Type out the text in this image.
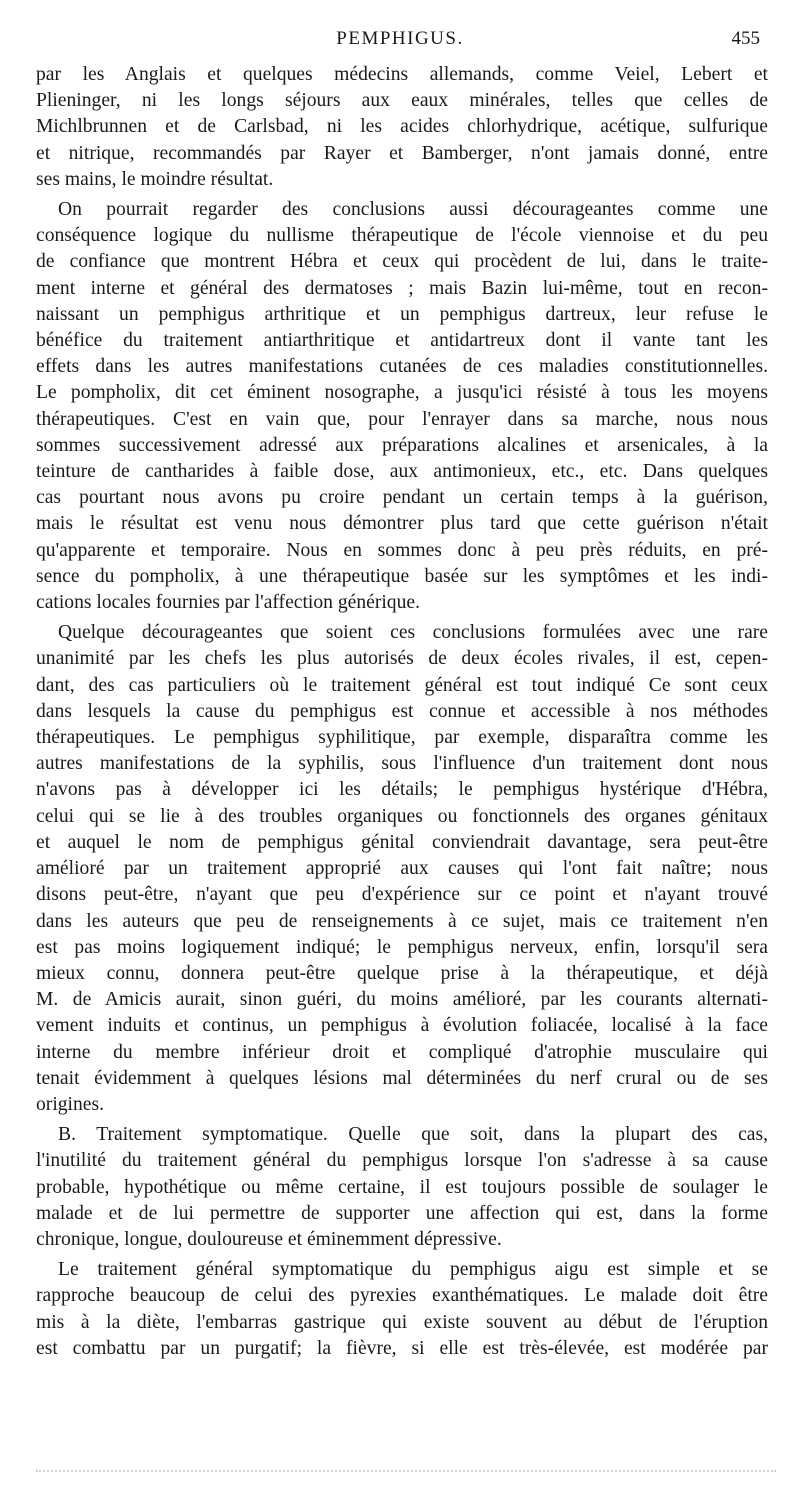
PEMPHIGUS.	455

par les Anglais et quelques médecins allemands, comme Veiel, Lebert et
Plieninger, ni les longs séjours aux eaux minérales, telles que celles de
Michlbrunnen et de Carlsbad, ni les acides chlorhydrique, acétique, sulfurique
et nitrique, recommandés par Rayer et Bamberger, n'ont jamais donné, entre
ses mains, le moindre résultat.

On pourrait regarder des conclusions aussi décourageantes comme une
conséquence logique du nullisme thérapeutique de l'école viennoise et du peu
de confiance que montrent Hébra et ceux qui procèdent de lui, dans le traite-
ment interne et général des dermatoses ; mais Bazin lui-même, tout en recon-
naissant un pemphigus arthritique et un pemphigus dartreux, leur refuse le
bénéfice du traitement antiarthritique et antidartreux dont il vante tant les
effets dans les autres manifestations cutanées de ces maladies constitutionnelles.
Le pompholix, dit cet éminent nosographe, a jusqu'ici résisté à tous les moyens
thérapeutiques. C'est en vain que, pour l'enrayer dans sa marche, nous nous
sommes successivement adressé aux préparations alcalines et arsenicales, à la
teinture de cantharides à faible dose, aux antimonieux, etc., etc. Dans quelques
cas pourtant nous avons pu croire pendant un certain temps à la guérison,
mais le résultat est venu nous démontrer plus tard que cette guérison n'était
qu'apparente et temporaire. Nous en sommes donc à peu près réduits, en pré-
sence du pompholix, à une thérapeutique basée sur les symptômes et les indi-
cations locales fournies par l'affection générique.

Quelque décourageantes que soient ces conclusions formulées avec une rare
unanimité par les chefs les plus autorisés de deux écoles rivales, il est, cepen-
dant, des cas particuliers où le traitement général est tout indiqué Ce sont ceux
dans lesquels la cause du pemphigus est connue et accessible à nos méthodes
thérapeutiques. Le pemphigus syphilitique, par exemple, disparaîtra comme les
autres manifestations de la syphilis, sous l'influence d'un traitement dont nous
n'avons pas à développer ici les détails; le pemphigus hystérique d'Hébra,
celui qui se lie à des troubles organiques ou fonctionnels des organes génitaux
et auquel le nom de pemphigus génital conviendrait davantage, sera peut-être
amélioré par un traitement approprié aux causes qui l'ont fait naître; nous
disons peut-être, n'ayant que peu d'expérience sur ce point et n'ayant trouvé
dans les auteurs que peu de renseignements à ce sujet, mais ce traitement n'en
est pas moins logiquement indiqué; le pemphigus nerveux, enfin, lorsqu'il sera
mieux connu, donnera peut-être quelque prise à la thérapeutique, et déjà
M. de Amicis aurait, sinon guéri, du moins amélioré, par les courants alternati-
vement induits et continus, un pemphigus à évolution foliacée, localisé à la face
interne du membre inférieur droit et compliqué d'atrophie musculaire qui
tenait évidemment à quelques lésions mal déterminées du nerf crural ou de ses
origines.

B. Traitement symptomatique. Quelle que soit, dans la plupart des cas,
l'inutilité du traitement général du pemphigus lorsque l'on s'adresse à sa cause
probable, hypothétique ou même certaine, il est toujours possible de soulager le
malade et de lui permettre de supporter une affection qui est, dans la forme
chronique, longue, douloureuse et éminemment dépressive.

Le traitement général symptomatique du pemphigus aigu est simple et se
rapproche beaucoup de celui des pyrexies exanthématiques. Le malade doit être
mis à la diète, l'embarras gastrique qui existe souvent au début de l'éruption
est combattu par un purgatif; la fièvre, si elle est très-élevée, est modérée par
